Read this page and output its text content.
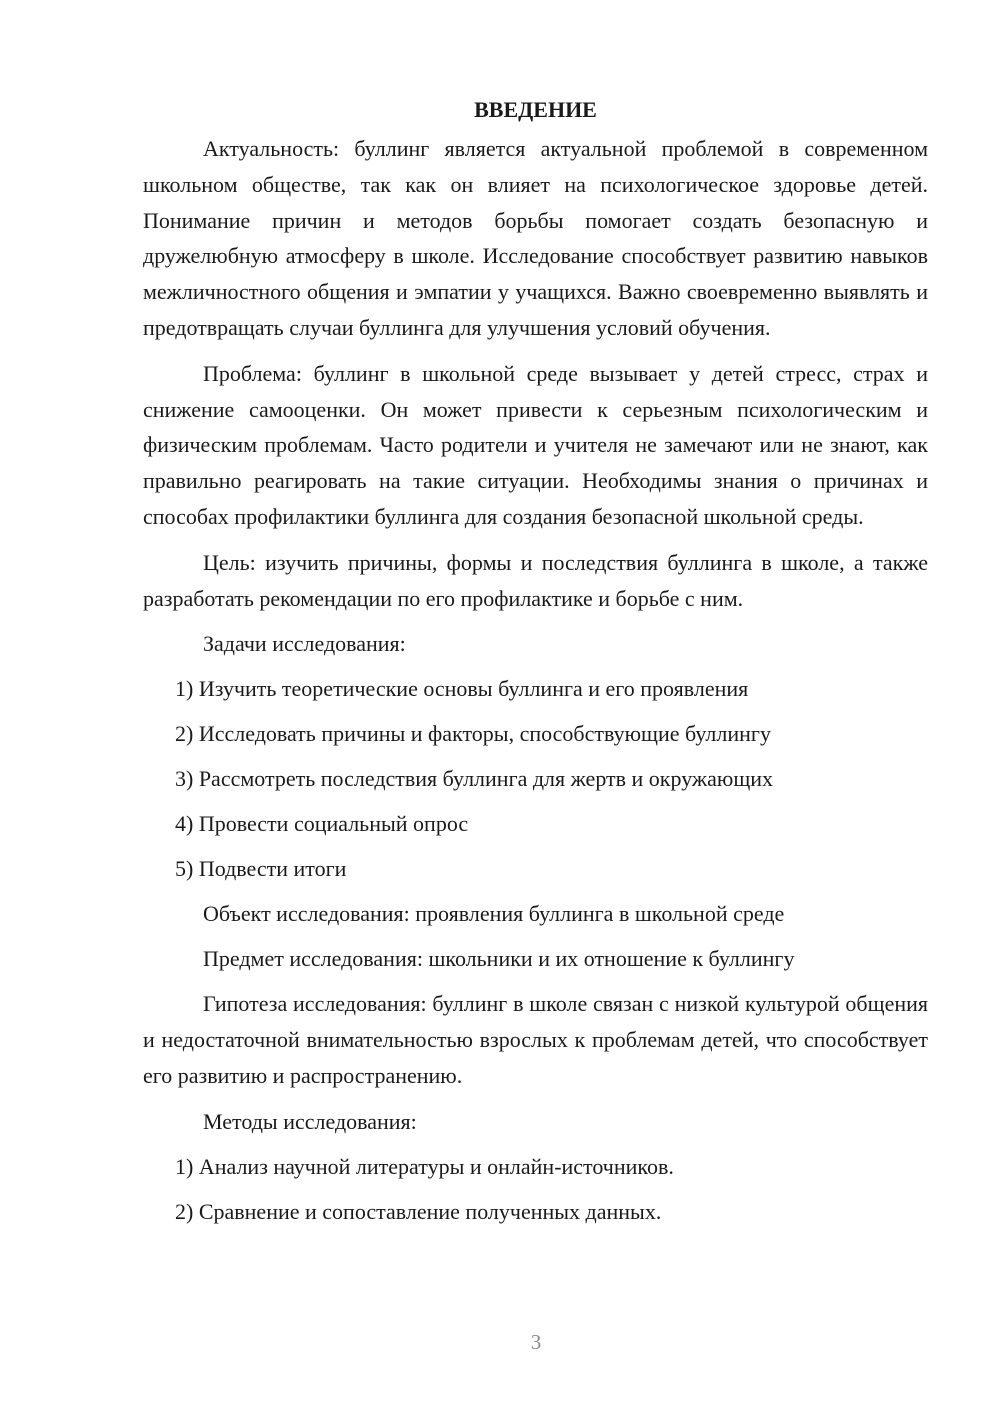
ВВЕДЕНИЕ

Актуальность: буллинг является актуальной проблемой в современном школьном обществе, так как он влияет на психологическое здоровье детей. Понимание причин и методов борьбы помогает создать безопасную и дружелюбную атмосферу в школе. Исследование способствует развитию навыков межличностного общения и эмпатии у учащихся. Важно своевременно выявлять и предотвращать случаи буллинга для улучшения условий обучения.

Проблема: буллинг в школьной среде вызывает у детей стресс, страх и снижение самооценки. Он может привести к серьезным психологическим и физическим проблемам. Часто родители и учителя не замечают или не знают, как правильно реагировать на такие ситуации. Необходимы знания о причинах и способах профилактики буллинга для создания безопасной школьной среды.

Цель: изучить причины, формы и последствия буллинга в школе, а также разработать рекомендации по его профилактике и борьбе с ним.

Задачи исследования:
1) Изучить теоретические основы буллинга и его проявления
2) Исследовать причины и факторы, способствующие буллингу
3) Рассмотреть последствия буллинга для жертв и окружающих
4) Провести социальный опрос
5) Подвести итоги
Объект исследования: проявления буллинга в школьной среде
Предмет исследования: школьники и их отношение к буллингу

Гипотеза исследования: буллинг в школе связан с низкой культурой общения и недостаточной внимательностью взрослых к проблемам детей, что способствует его развитию и распространению.

Методы исследования:
1) Анализ научной литературы и онлайн-источников.
2) Сравнение и сопоставление полученных данных.
3
